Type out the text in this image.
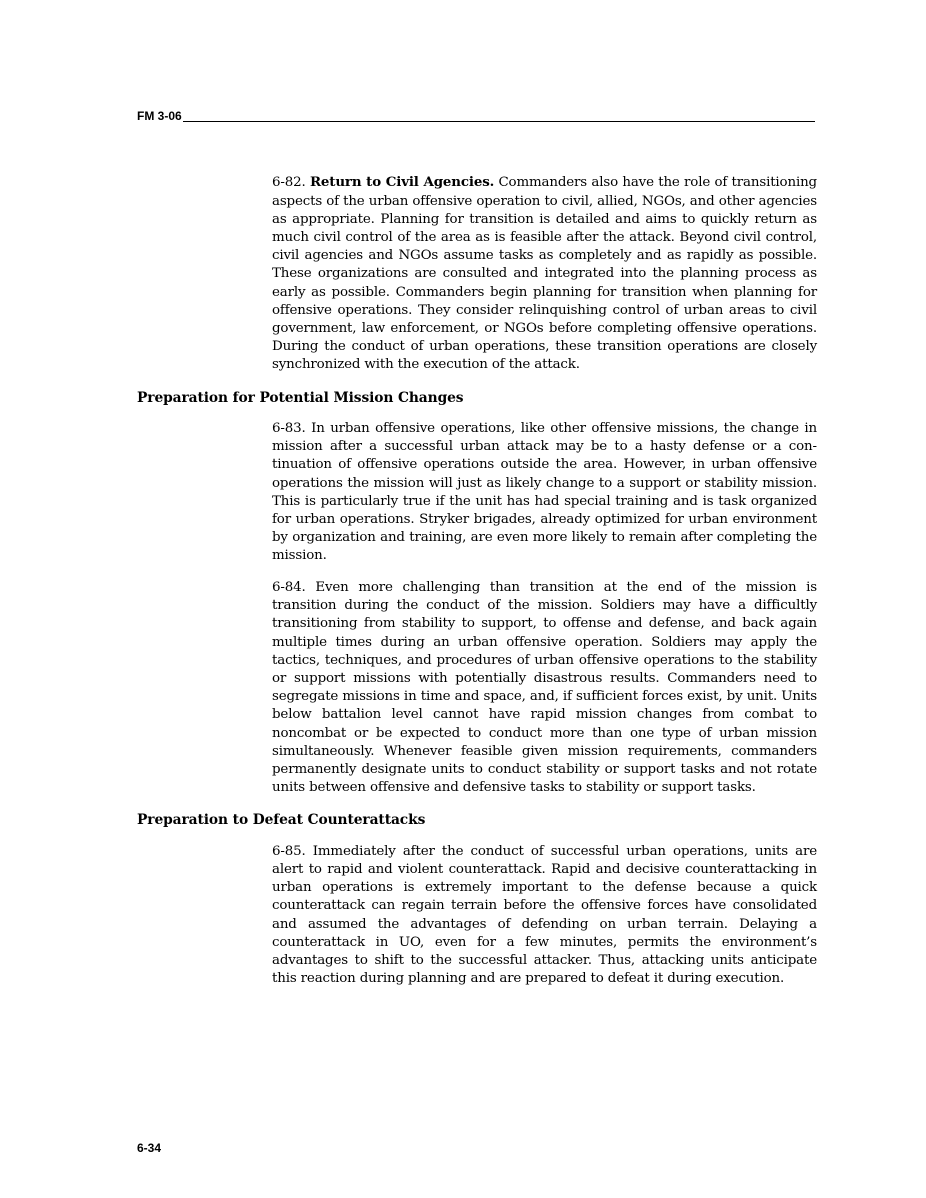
FM 3-06

6-82. Return to Civil Agencies. Commanders also have the role of transitioning aspects of the urban offensive operation to civil, allied, NGOs, and other agencies as appropriate. Planning for transition is detailed and aims to quickly return as much civil control of the area as is feasible after the attack. Beyond civil control, civil agencies and NGOs assume tasks as completely and as rapidly as possible. These organizations are consulted and integrated into the planning process as early as possible. Commanders begin planning for transition when planning for offensive operations. They consider relinquishing control of urban areas to civil government, law enforcement, or NGOs before completing offensive operations. During the conduct of urban operations, these transition operations are closely synchronized with the execution of the attack.

Preparation for Potential Mission Changes

6-83. In urban offensive operations, like other offensive missions, the change in mission after a successful urban attack may be to a hasty defense or a continuation of offensive operations outside the area. However, in urban offensive operations the mission will just as likely change to a support or stability mission. This is particularly true if the unit has had special training and is task organized for urban operations. Stryker brigades, already optimized for urban environment by organization and training, are even more likely to remain after completing the mission.

6-84. Even more challenging than transition at the end of the mission is transition during the conduct of the mission. Soldiers may have a difficultly transitioning from stability to support, to offense and defense, and back again multiple times during an urban offensive operation. Soldiers may apply the tactics, techniques, and procedures of urban offensive operations to the stability or support missions with potentially disastrous results. Commanders need to segregate missions in time and space, and, if sufficient forces exist, by unit. Units below battalion level cannot have rapid mission changes from combat to noncombat or be expected to conduct more than one type of urban mission simultaneously. Whenever feasible given mission requirements, commanders permanently designate units to conduct stability or support tasks and not rotate units between offensive and defensive tasks to stability or support tasks.

Preparation to Defeat Counterattacks

6-85. Immediately after the conduct of successful urban operations, units are alert to rapid and violent counterattack. Rapid and decisive counterattacking in urban operations is extremely important to the defense because a quick counterattack can regain terrain before the offensive forces have consolidated and assumed the advantages of defending on urban terrain. Delaying a counterattack in UO, even for a few minutes, permits the environment’s advantages to shift to the successful attacker. Thus, attacking units anticipate this reaction during planning and are prepared to defeat it during execution.

6-34
